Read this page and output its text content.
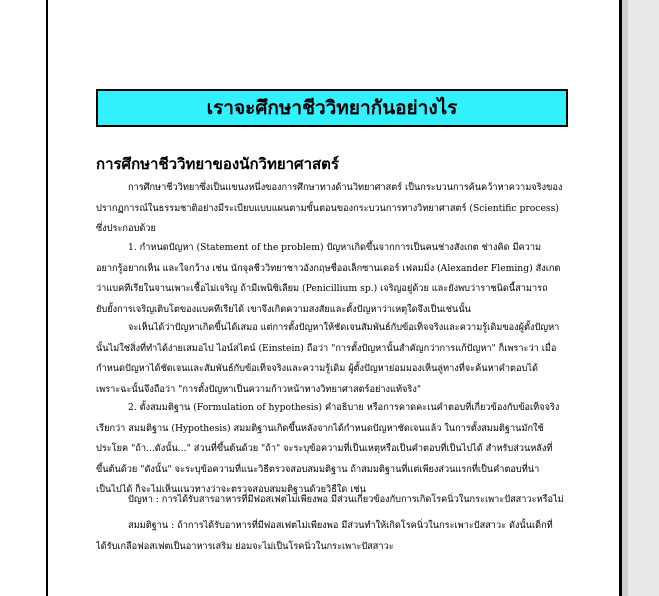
เราจะศึกษาชีววิทยากันอย่างไร
การศึกษาชีววิทยาของนักวิทยาศาสตร์
การศึกษาชีววิทยาซึ่งเป็นแขนงหนึ่งของการศึกษาทางด้านวิทยาศาสตร์ เป็นกระบวนการค้นคว้าหาความจริงของ
ปรากฏการณ์ในธรรมชาติอย่างมีระเบียบแบบแผนตามขั้นตอนของกระบวนการทางวิทยาศาสตร์ (Scientific process)
ซึ่งประกอบด้วย
1. กำหนดปัญหา (Statement of the problem) ปัญหาเกิดขึ้นจากการเป็นคนช่างสังเกต ช่างคิด มีความ
อยากรู้อยากเห็น และใจกว้าง เช่น นักจุลชีววิทยาชาวอังกฤษชื่ออเล็กซานเดอร์ เฟลมมิ่ง (Alexander Fleming) สังเกต
ว่าแบคทีเรียในจานเพาะเชื้อไม่เจริญ ถ้ามีเพนิซิเลียม (Penicillium sp.) เจริญอยู่ด้วย และยังพบว่าราชนิดนี้สามารถ
ยับยั้งการเจริญเติบโตของแบคทีเรียได้ เขาจึงเกิดความสงสัยและตั้งปัญหาว่าเหตุใดจึงเป็นเช่นนั้น
จะเห็นได้ว่าปัญหาเกิดขึ้นได้เสมอ แต่การตั้งปัญหาให้ชัดเจนสัมพันธ์กับข้อเท็จจริงและความรู้เดิมของผู้ตั้งปัญหา
นั้นไม่ใช่สิ่งที่ทำได้ง่ายเสมอไป ไอน์สไตน์ (Einstein) ถือว่า "การตั้งปัญหานั้นสำคัญกว่าการแก้ปัญหา" ก็เพราะว่า เมื่อ
กำหนดปัญหาได้ชัดเจนและสัมพันธ์กับข้อเท็จจริงและความรู้เดิม ผู้ตั้งปัญหาย่อมมองเห็นลู่ทางที่จะค้นหาคำตอบได้
เพราะฉะนั้นจึงถือว่า "การตั้งปัญหาเป็นความก้าวหน้าทางวิทยาศาสตร์อย่างแท้จริง"
2. ตั้งสมมติฐาน (Formulation of hypothesis) คำอธิบาย หรือการคาดคะเนคำตอบที่เกี่ยวข้องกับข้อเท็จจริง
เรียกว่า สมมติฐาน (Hypothesis) สมมติฐานเกิดขึ้นหลังจากได้กำหนดปัญหาชัดเจนแล้ว ในการตั้งสมมติฐานมักใช้
ประโยค "ถ้า...ดังนั้น..." ส่วนที่ขึ้นต้นด้วย "ถ้า" จะระบุข้อความที่เป็นเหตุหรือเป็นคำตอบที่เป็นไปได้ สำหรับส่วนหลังที่
ขึ้นต้นด้วย "ดังนั้น" จะระบุข้อความที่แนะวิธีตรวจสอบสมมติฐาน ถ้าสมมติฐานที่แต่เพียงส่วนแรกที่เป็นคำตอบที่น่า
เป็นไปได้ ก็จะไม่เห็นแนวทางว่าจะตรวจสอบสมมติฐานด้วยวิธีใด เช่น
ปัญหา : การได้รับสารอาหารที่มีฟอสเฟตไม่เพียงพอ มีส่วนเกี่ยวข้องกับการเกิดโรคนิ่วในกระเพาะปัสสาวะหรือไม่
สมมติฐาน : ถ้าการได้รับอาหารที่มีฟอสเฟตไม่เพียงพอ มีส่วนทำให้เกิดโรคนิ่วในกระเพาะปัสสาวะ ดังนั้นเด็กที่
ได้รับเกลือฟอสเฟตเป็นอาหารเสริม ย่อมจะไม่เป็นโรคนิ่วในกระเพาะปัสสาวะ
